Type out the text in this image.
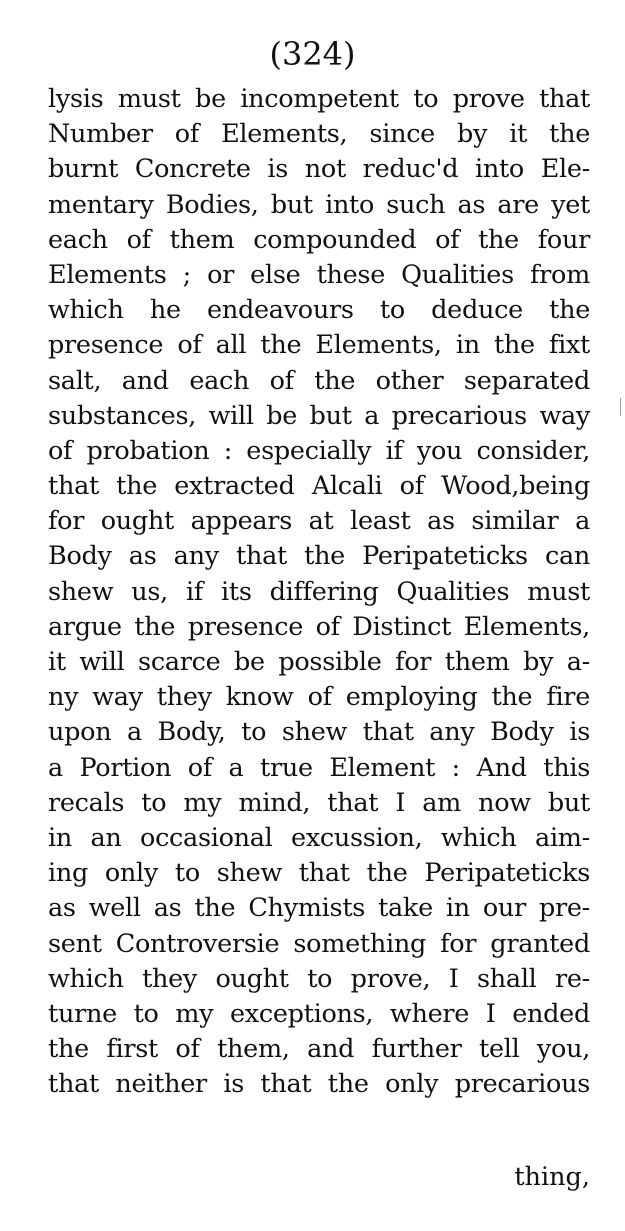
(324)
lysis must be incompetent to prove that
Number of Elements, since by it the
burnt Concrete is not reduc'd into Ele-
mentary Bodies, but into such as are yet
each of them compounded of the four
Elements ; or else these Qualities from
which he endeavours to deduce the
presence of all the Elements, in the fixt
salt, and each of the other separated
substances, will be but a precarious way
of probation : especially if you consider,
that the extracted Alcali of Wood,being
for ought appears at least as similar a
Body as any that the Peripateticks can
shew us, if its differing Qualities must
argue the presence of Distinct Elements,
it will scarce be possible for them by a-
ny way they know of employing the fire
upon a Body, to shew that any Body is
a Portion of a true Element : And this
recals to my mind, that I am now but
in an occasional excussion, which aim-
ing only to shew that the Peripateticks
as well as the Chymists take in our pre-
sent Controversie something for granted
which they ought to prove, I shall re-
turne to my exceptions, where I ended
the first of them, and further tell you,
that neither is that the only precarious
thing,
